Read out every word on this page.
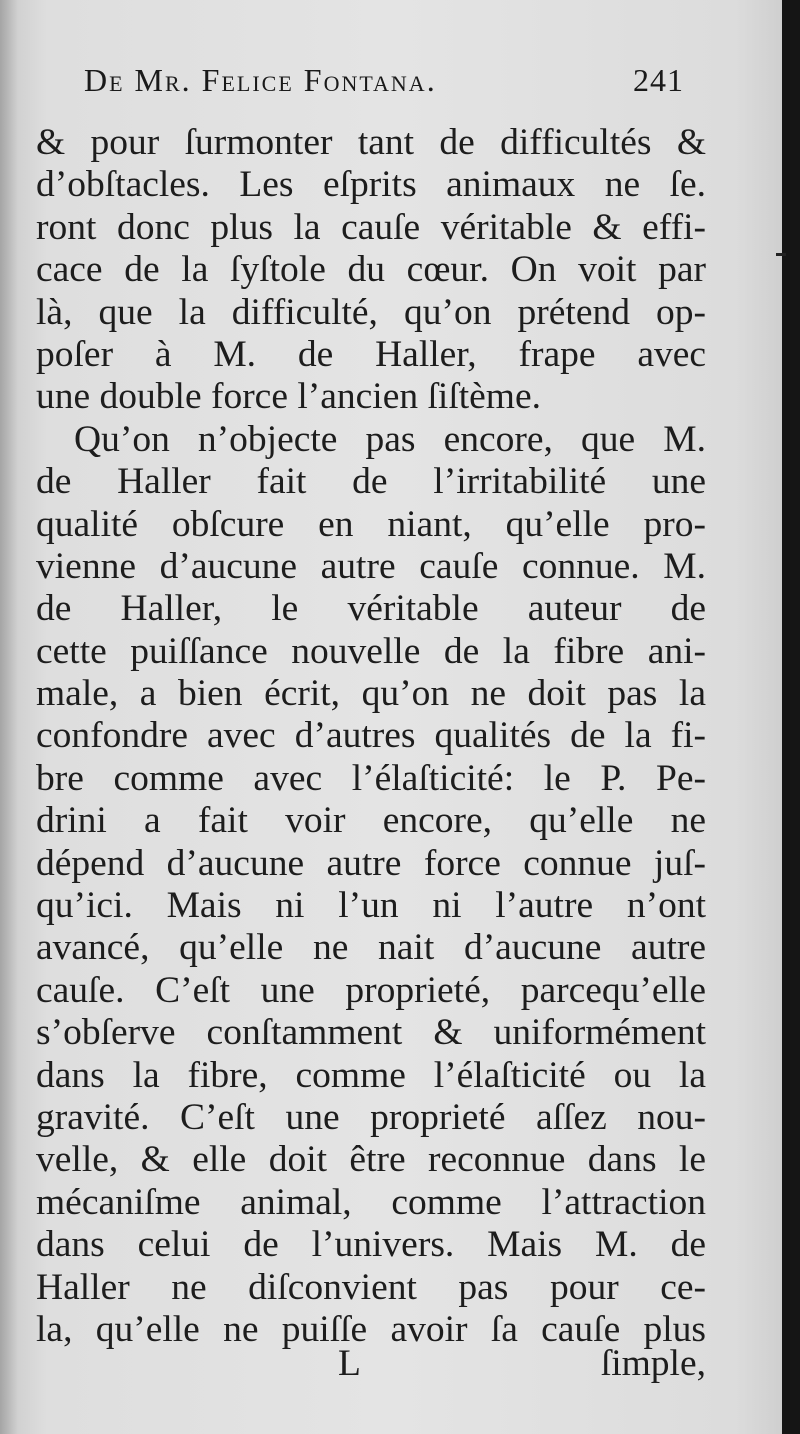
De Mr. Felice Fontana.	241
& pour ſurmonter tant de difficultés &
d’obſtacles. Les eſprits animaux ne ſe.
ront donc plus la cauſe véritable & effi-
cace de la ſyſtole du cœur. On voit par
là, que la difficulté, qu’on prétend op-
poſer à M. de Haller, frape avec
une double force l’ancien ſiſtème.
Qu’on n’objecte pas encore, que M.
de Haller fait de l’irritabilité une
qualité obſcure en niant, qu’elle pro-
vienne d’aucune autre cauſe connue. M.
de Haller, le véritable auteur de
cette puiſſance nouvelle de la fibre ani-
male, a bien écrit, qu’on ne doit pas la
confondre avec d’autres qualités de la fi-
bre comme avec l’élaſticité: le P. Pe-
drini a fait voir encore, qu’elle ne
dépend d’aucune autre force connue juſ-
qu’ici. Mais ni l’un ni l’autre n’ont
avancé, qu’elle ne nait d’aucune autre
cauſe. C’eſt une proprieté, parcequ’elle
s’obſerve conſtamment & uniformément
dans la fibre, comme l’élaſticité ou la
gravité. C’eſt une proprieté aſſez nou-
velle, & elle doit être reconnue dans le
mécaniſme animal, comme l’attraction
dans celui de l’univers. Mais M. de
Haller ne diſconvient pas pour ce-
la, qu’elle ne puiſſe avoir ſa cauſe plus
L	ſimple,
